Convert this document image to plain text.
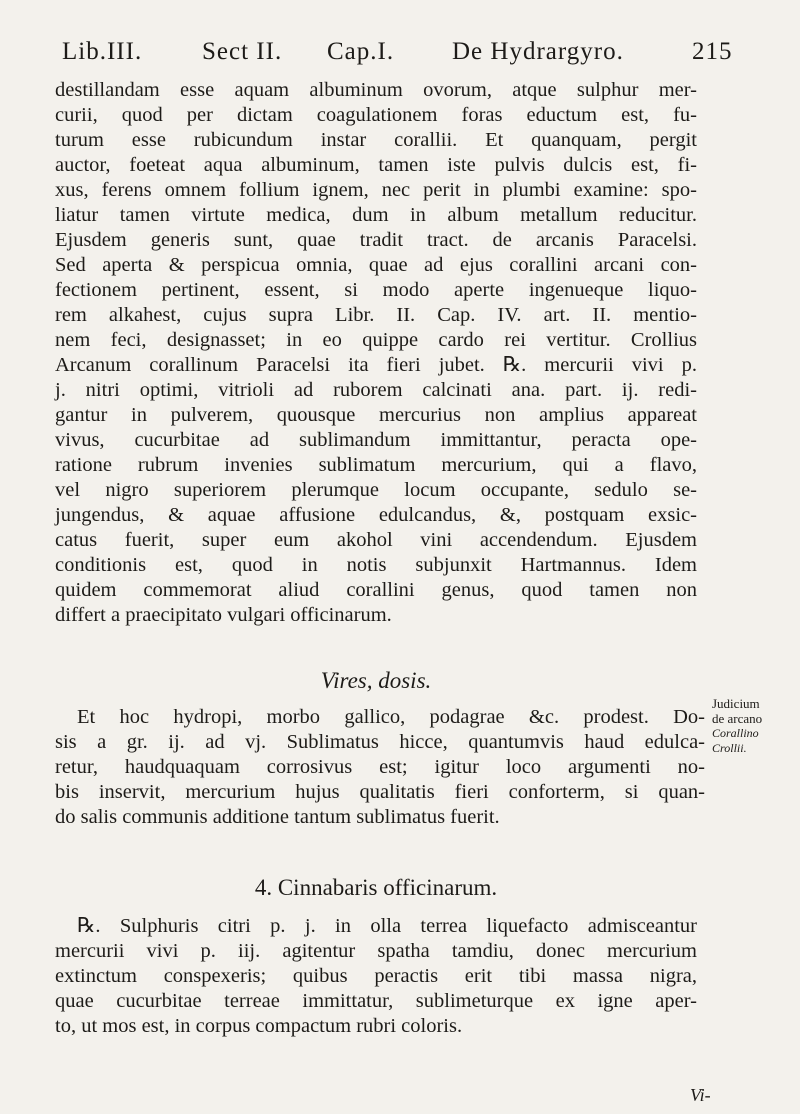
Lib.III. Sect II. Cap.I. De Hydrargyro.	215
destillandam esse aquam albuminum ovorum, atque sulphur mer-
curii, quod per dictam coagulationem foras eductum est, fu-
turum esse rubicundum instar corallii. Et quanquam, pergit
auctor, foeteat aqua albuminum, tamen iste pulvis dulcis est, fi-
xus, ferens omnem follium ignem, nec perit in plumbi examine: spo-
liatur tamen virtute medica, dum in album metallum reducitur.
Ejusdem generis sunt, quae tradit tract. de arcanis Paracelsi.
Sed aperta & perspicua omnia, quae ad ejus corallini arcani con-
fectionem pertinent, essent, si modo aperte ingenueque liquo-
rem alkahest, cujus supra Libr. II. Cap. IV. art. II. mentio-
nem feci, designasset; in eo quippe cardo rei vertitur. Crollius
Arcanum corallinum Paracelsi ita fieri jubet. ℞. mercurii vivi p.
j. nitri optimi, vitrioli ad ruborem calcinati ana. part. ij. redi-
gantur in pulverem, quousque mercurius non amplius appareat
vivus, cucurbitae ad sublimandum immittantur, peracta ope-
ratione rubrum invenies sublimatum mercurium, qui a flavo,
vel nigro superiorem plerumque locum occupante, sedulo se-
jungendus, & aquae affusione edulcandus, &, postquam exsic-
catus fuerit, super eum akohol vini accendendum. Ejusdem
conditionis est, quod in notis subjunxit Hartmannus. Idem
quidem commemorat aliud corallini genus, quod tamen non
differt a praecipitato vulgari officinarum.
Vires, dosis.
Et hoc hydropi, morbo gallico, podagrae &c. prodest. Do-
sis a gr. ij. ad vj. Sublimatus hicce, quantumvis haud edulca-
retur, haudquaquam corrosivus est; igitur loco argumenti no-
bis inservit, mercurium hujus qualitatis fieri conforterm, si quan-
do salis communis additione tantum sublimatus fuerit.
Judicium
de arcano
Corallino
Crollii.
4. Cinnabaris officinarum.
℞. Sulphuris citri p. j. in olla terrea liquefacto admisceantur
mercurii vivi p. iij. agitentur spatha tamdiu, donec mercurium
extinctum conspexeris; quibus peractis erit tibi massa nigra,
quae cucurbitae terreae immittatur, sublimeturque ex igne aper-
to, ut mos est, in corpus compactum rubri coloris.
Vi-
